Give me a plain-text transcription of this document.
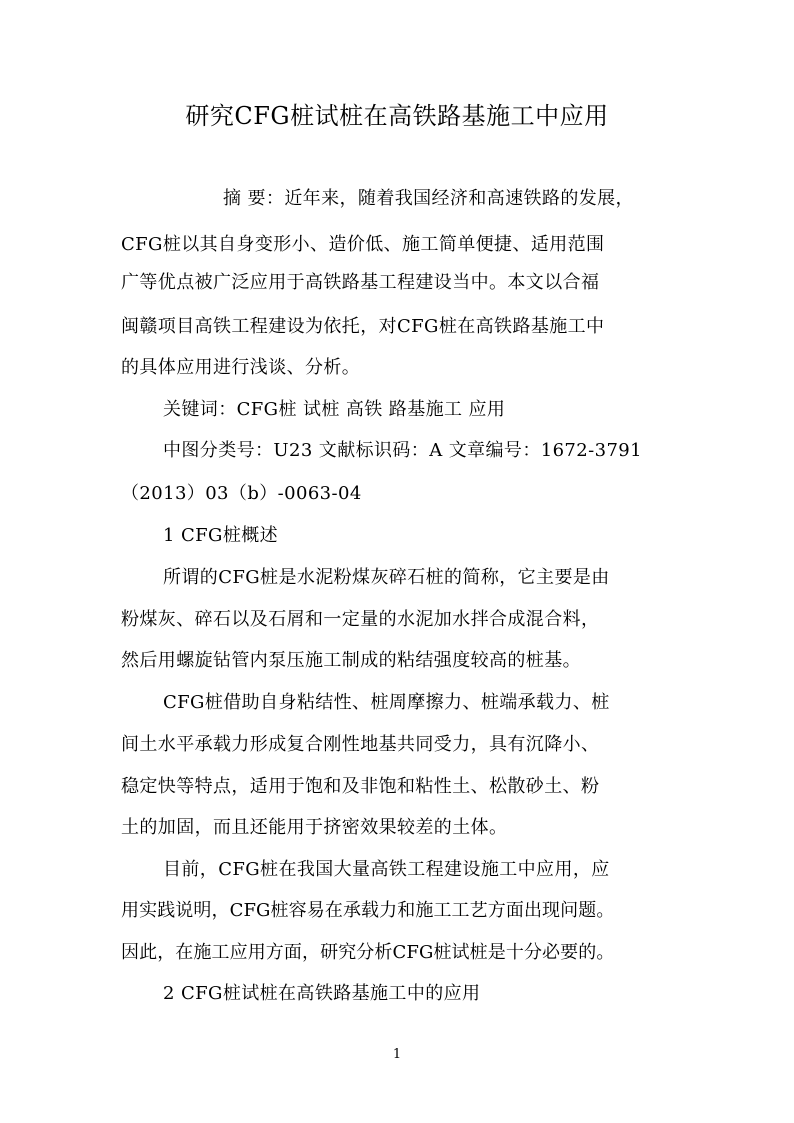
研究CFG桩试桩在高铁路基施工中应用
摘 要：近年来，随着我国经济和高速铁路的发展，
CFG桩以其自身变形小、造价低、施工简单便捷、适用范围
广等优点被广泛应用于高铁路基工程建设当中。本文以合福
闽赣项目高铁工程建设为依托，对CFG桩在高铁路基施工中
的具体应用进行浅谈、分析。
关键词：CFG桩 试桩 高铁 路基施工 应用
中图分类号：U23 文献标识码：A 文章编号：1672-3791
（2013）03（b）-0063-04
1 CFG桩概述
所谓的CFG桩是水泥粉煤灰碎石桩的简称，它主要是由
粉煤灰、碎石以及石屑和一定量的水泥加水拌合成混合料，
然后用螺旋钻管内泵压施工制成的粘结强度较高的桩基。
CFG桩借助自身粘结性、桩周摩擦力、桩端承载力、桩
间土水平承载力形成复合刚性地基共同受力，具有沉降小、
稳定快等特点，适用于饱和及非饱和粘性土、松散砂土、粉
土的加固，而且还能用于挤密效果较差的土体。
目前，CFG桩在我国大量高铁工程建设施工中应用，应
用实践说明，CFG桩容易在承载力和施工工艺方面出现问题。
因此，在施工应用方面，研究分析CFG桩试桩是十分必要的。
2 CFG桩试桩在高铁路基施工中的应用
1
